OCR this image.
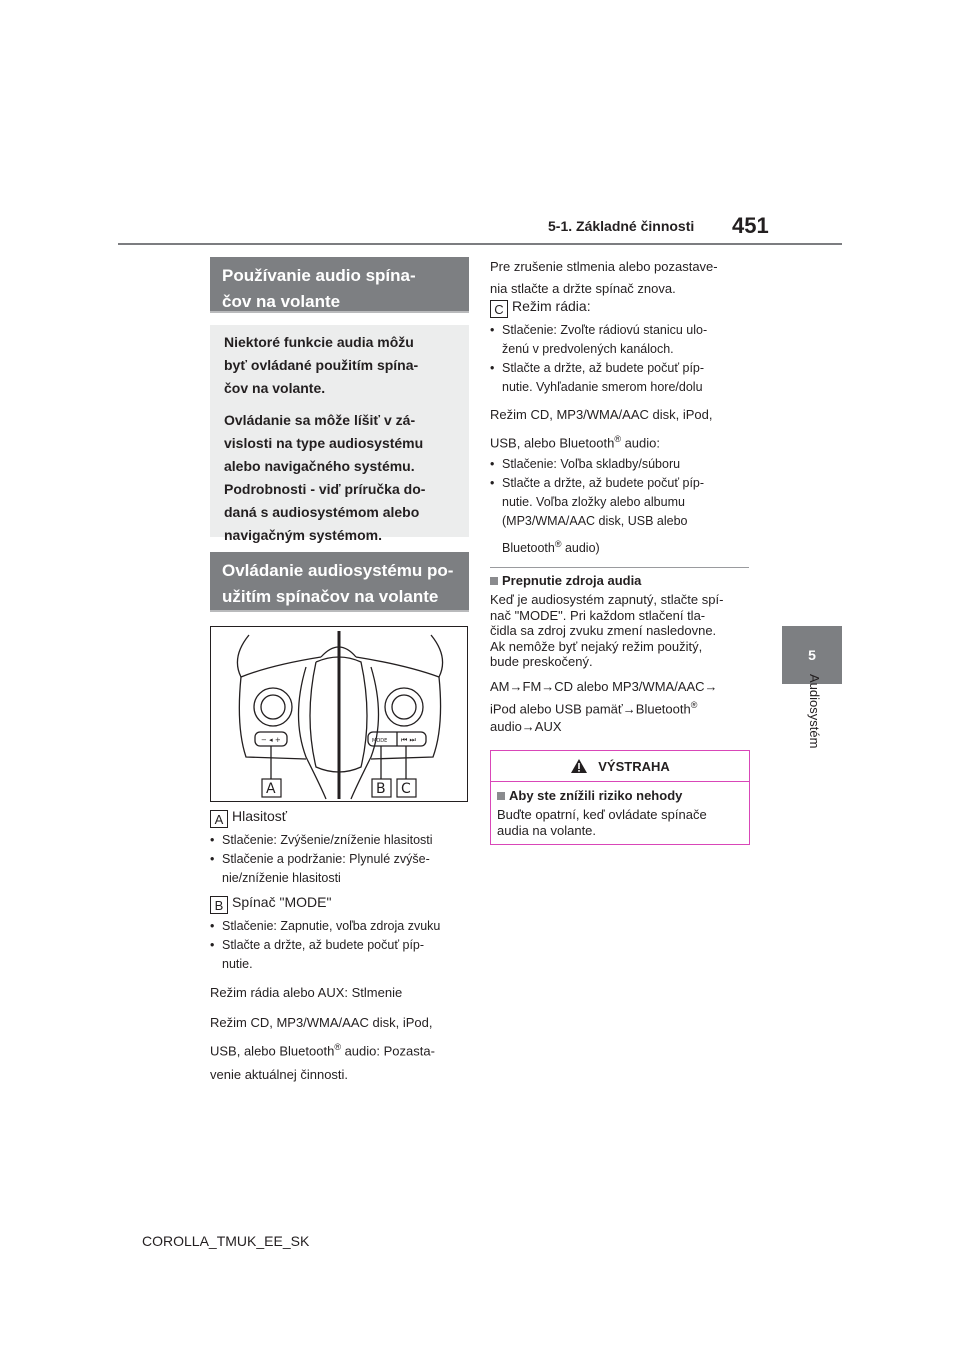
5-1. Základné činnosti 451
5
Audiosystém
Používanie audio spína-
čov na volante

Niektoré funkcie audia môžu
byť ovládané použitím spína-
čov na volante.

Ovládanie sa môže líšiť v zá-
vislosti na type audiosystému
alebo navigačného systému.
Podrobnosti - viď príručka do-
daná s audiosystémom alebo
navigačným systémom.

Ovládanie audiosystému po-
užitím spínačov na volante
− ◂ +	MODE ⏮ ⏭
A	B C
A Hlasitosť
• Stlačenie: Zvýšenie/zníženie hlasitosti
• Stlačenie a podržanie: Plynulé zvýše-
nie/zníženie hlasitosti
B Spínač "MODE"
• Stlačenie: Zapnutie, voľba zdroja zvuku
• Stlačte a držte, až budete počuť píp-
nutie.
Režim rádia alebo AUX: Stlmenie
Režim CD, MP3/WMA/AAC disk, iPod,
USB, alebo Bluetooth® audio: Pozasta-
venie aktuálnej činnosti.
Pre zrušenie stlmenia alebo pozastave-
nia stlačte a držte spínač znova.
C Režim rádia:
• Stlačenie: Zvoľte rádiovú stanicu ulo-
ženú v predvolených kanáloch.
• Stlačte a držte, až budete počuť píp-
nutie. Vyhľadanie smerom hore/dolu
Režim CD, MP3/WMA/AAC disk, iPod,
USB, alebo Bluetooth® audio:
• Stlačenie: Voľba skladby/súboru
• Stlačte a držte, až budete počuť píp-
nutie. Voľba zložky alebo albumu
(MP3/WMA/AAC disk, USB alebo
Bluetooth® audio)
Prepnutie zdroja audia
Keď je audiosystém zapnutý, stlačte spí-
nač "MODE". Pri každom stlačení tla-
čidla sa zdroj zvuku zmení nasledovne.
Ak nemôže byť nejaký režim použitý,
bude preskočený.
AM→FM→CD alebo MP3/WMA/AAC→
iPod alebo USB pamäť→Bluetooth®
audio→AUX
VÝSTRAHA
Aby ste znížili riziko nehody
Buďte opatrní, keď ovládate spínače
audia na volante.
COROLLA_TMUK_EE_SK
